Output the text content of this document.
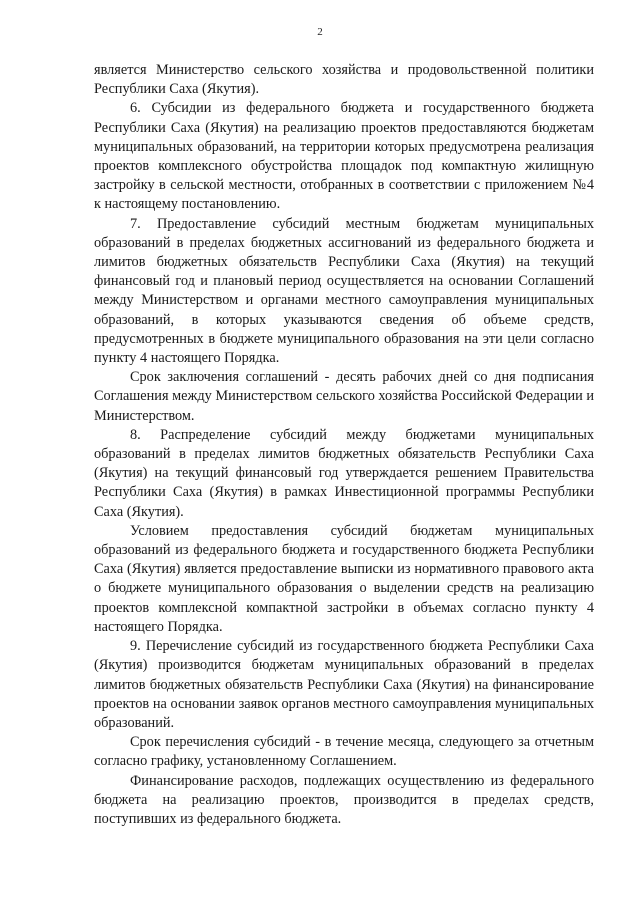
2

является Министерство сельского хозяйства и продовольственной политики Республики Саха (Якутия).

6. Субсидии из федерального бюджета и государственного бюджета Республики Саха (Якутия) на реализацию проектов предоставляются бюджетам муниципальных образований, на территории которых предусмотрена реализация проектов комплексного обустройства площадок под компактную жилищную застройку в сельской местности, отобранных в соответствии с приложением №4 к настоящему постановлению.

7. Предоставление субсидий местным бюджетам муниципальных образований в пределах бюджетных ассигнований из федерального бюджета и лимитов бюджетных обязательств Республики Саха (Якутия) на текущий финансовый год и плановый период осуществляется на основании Соглашений между Министерством и органами местного самоуправления муниципальных образований, в которых указываются сведения об объеме средств, предусмотренных в бюджете муниципального образования на эти цели согласно пункту 4 настоящего Порядка.

Срок заключения соглашений - десять рабочих дней со дня подписания Соглашения между Министерством сельского хозяйства Российской Федерации и Министерством.

8. Распределение субсидий между бюджетами муниципальных образований в пределах лимитов бюджетных обязательств Республики Саха (Якутия) на текущий финансовый год утверждается решением Правительства Республики Саха (Якутия) в рамках Инвестиционной программы Республики Саха (Якутия).

Условием предоставления субсидий бюджетам муниципальных образований из федерального бюджета и государственного бюджета Республики Саха (Якутия) является предоставление выписки из нормативного правового акта о бюджете муниципального образования о выделении средств на реализацию проектов комплексной компактной застройки в объемах согласно пункту 4 настоящего Порядка.

9. Перечисление субсидий из государственного бюджета Республики Саха (Якутия) производится бюджетам муниципальных образований в пределах лимитов бюджетных обязательств Республики Саха (Якутия) на финансирование проектов на основании заявок органов местного самоуправления муниципальных образований.

Срок перечисления субсидий - в течение месяца, следующего за отчетным согласно графику, установленному Соглашением.

Финансирование расходов, подлежащих осуществлению из федерального бюджета на реализацию проектов, производится в пределах средств, поступивших из федерального бюджета.
